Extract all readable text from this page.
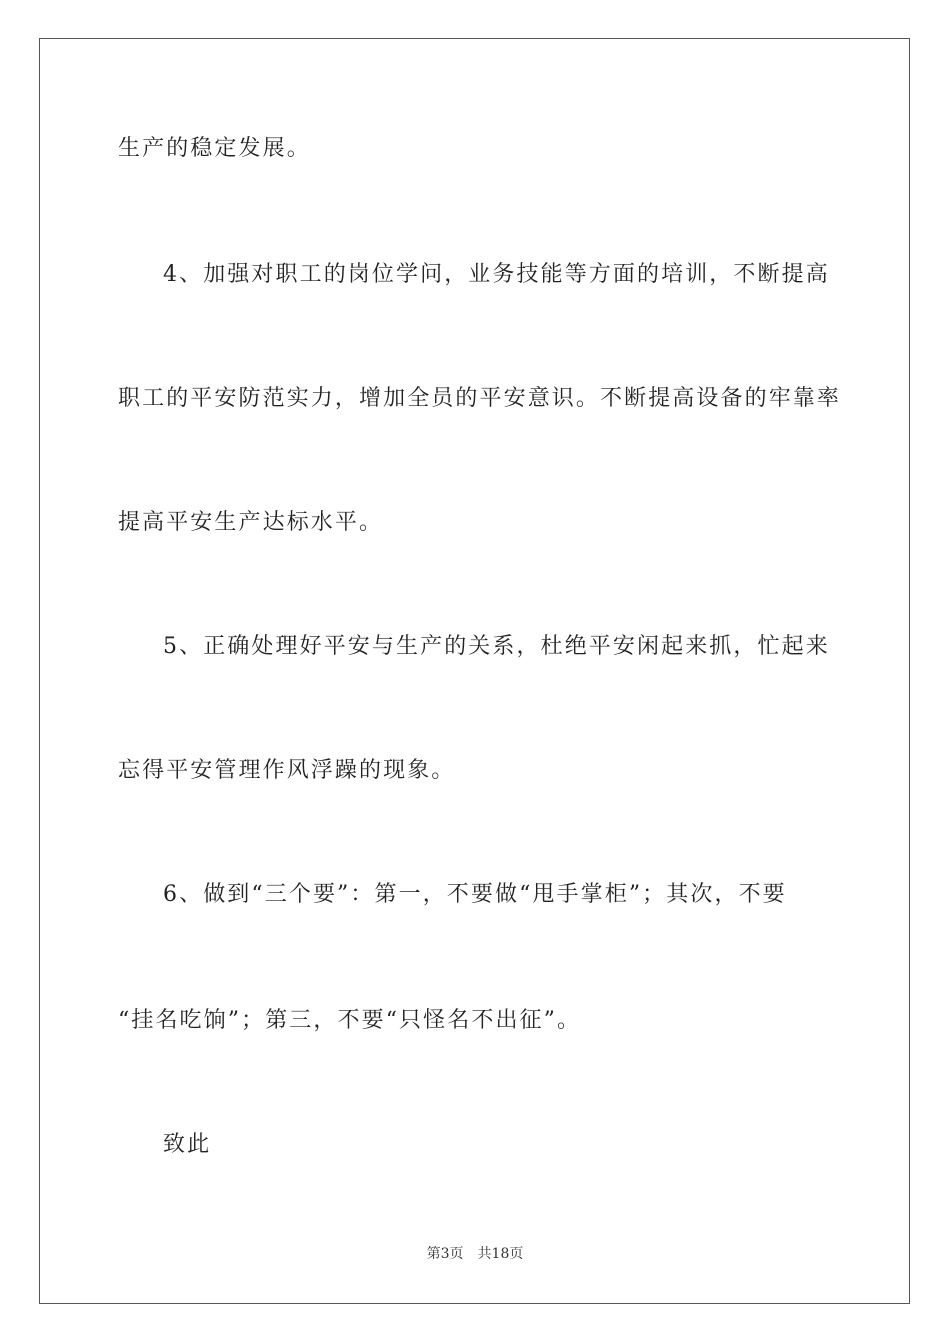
生产的稳定发展。
4、加强对职工的岗位学问，业务技能等方面的培训，不断提高
职工的平安防范实力，增加全员的平安意识。不断提高设备的牢靠率
提高平安生产达标水平。
5、正确处理好平安与生产的关系，杜绝平安闲起来抓，忙起来
忘得平安管理作风浮躁的现象。
6、做到“三个要”：第一，不要做“甩手掌柜”；其次，不要
“挂名吃饷”；第三，不要“只怪名不出征”。
致此
第3页 共18页
